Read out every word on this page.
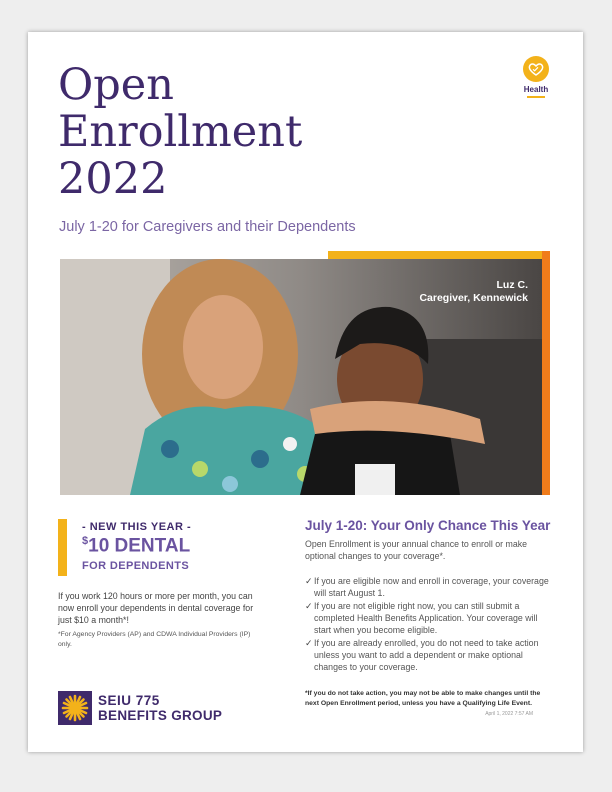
Open
Enrollment
2022

July 1-20 for Caregivers and their Dependents

Health
Luz C.
Caregiver, Kennewick
- NEW THIS YEAR -
$10 DENTAL
FOR DEPENDENTS
If you work 120 hours or more per month, you can now enroll your dependents in dental coverage for just $10 a month*!
*For Agency Providers (AP) and CDWA Individual Providers (IP) only.
SEIU 775
BENEFITS GROUP
July 1-20: Your Only Chance This Year
Open Enrollment is your annual chance to enroll or make optional changes to your coverage*.
✓ If you are eligible now and enroll in coverage, your coverage will start August 1.
✓ If you are not eligible right now, you can still submit a completed Health Benefits Application. Your coverage will start when you become eligible.
✓ If you are already enrolled, you do not need to take action unless you want to add a dependent or make optional changes to your coverage.
*If you do not take action, you may not be able to make changes until the next Open Enrollment period, unless you have a Qualifying Life Event.
April 1, 2022 7:57 AM
